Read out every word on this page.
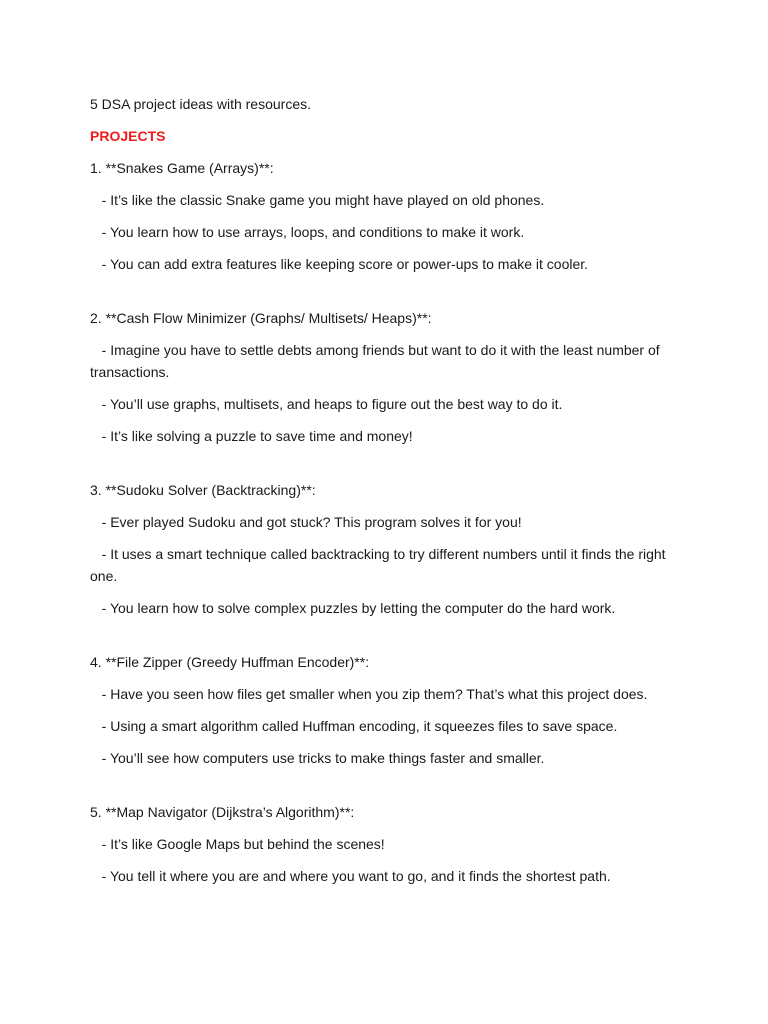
5 DSA project ideas with resources.
PROJECTS
1. **Snakes Game (Arrays)**:
- It’s like the classic Snake game you might have played on old phones.
- You learn how to use arrays, loops, and conditions to make it work.
- You can add extra features like keeping score or power-ups to make it cooler.
2. **Cash Flow Minimizer (Graphs/ Multisets/ Heaps)**:
- Imagine you have to settle debts among friends but want to do it with the least number of transactions.
- You’ll use graphs, multisets, and heaps to figure out the best way to do it.
- It’s like solving a puzzle to save time and money!
3. **Sudoku Solver (Backtracking)**:
- Ever played Sudoku and got stuck? This program solves it for you!
- It uses a smart technique called backtracking to try different numbers until it finds the right one.
- You learn how to solve complex puzzles by letting the computer do the hard work.
4. **File Zipper (Greedy Huffman Encoder)**:
- Have you seen how files get smaller when you zip them? That’s what this project does.
- Using a smart algorithm called Huffman encoding, it squeezes files to save space.
- You’ll see how computers use tricks to make things faster and smaller.
5. **Map Navigator (Dijkstra’s Algorithm)**:
- It’s like Google Maps but behind the scenes!
- You tell it where you are and where you want to go, and it finds the shortest path.
